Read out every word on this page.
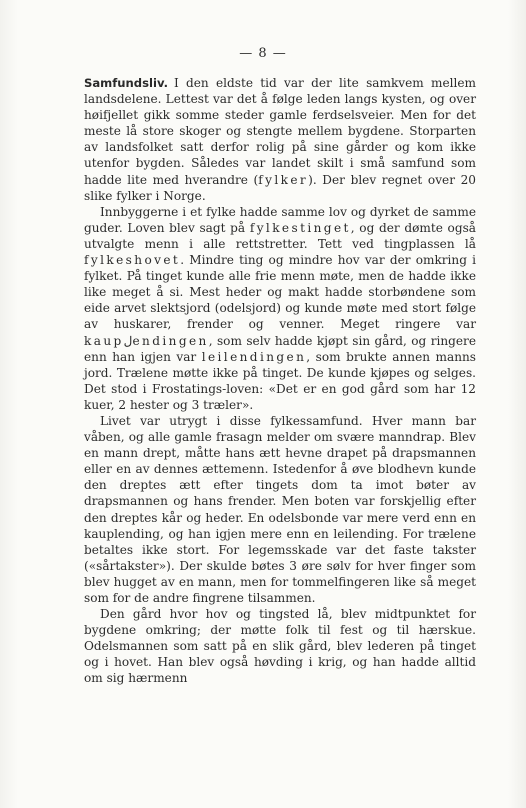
— 8 —

Samfundsliv. I den eldste tid var der lite samkvem mellem landsdelene. Lettest var det å følge leden langs kysten, og over høifjellet gikk somme steder gamle ferdselsveier. Men for det meste lå store skoger og stengte mellem bygdene. Storparten av landsfolket satt derfor rolig på sine gårder og kom ikke utenfor bygden. Således var landet skilt i små samfund som hadde lite med hverandre (fylker). Der blev regnet over 20 slike fylker i Norge.

Innbyggerne i et fylke hadde samme lov og dyrket de samme guder. Loven blev sagt på fylkestinget, og der dømte også utvalgte menn i alle rettstretter. Tett ved tingplassen lå fylkeshovet. Mindre ting og mindre hov var der omkring i fylket. På tinget kunde alle frie menn møte, men de hadde ikke like meget å si. Mest heder og makt hadde storbøndene som eide arvet slektsjord (odelsjord) og kunde møte med stort følge av huskarer, frender og venner. Meget ringere var kaupلendingen, som selv hadde kjøpt sin gård, og ringere enn han igjen var leilendingen, som brukte annen manns jord. Trælene møtte ikke på tinget. De kunde kjøpes og selges. Det stod i Frostatings-loven: «Det er en god gård som har 12 kuer, 2 hester og 3 træler».

Livet var utrygt i disse fylkessamfund. Hver mann bar våben, og alle gamle frasagn melder om svære manndrap. Blev en mann drept, måtte hans ætt hevne drapet på drapsmannen eller en av dennes ættemenn. Istedenfor å øve blodhevn kunde den dreptes ætt efter tingets dom ta imot bøter av drapsmannen og hans frender. Men boten var forskjellig efter den dreptes kår og heder. En odelsbonde var mere verd enn en kauplending, og han igjen mere enn en leilending. For trælene betaltes ikke stort. For legemsskade var det faste takster («sårtakster»). Der skulde bøtes 3 øre sølv for hver finger som blev hugget av en mann, men for tommelfingeren like så meget som for de andre fingrene tilsammen.

Den gård hvor hov og tingsted lå, blev midtpunktet for bygdene omkring; der møtte folk til fest og til hærskue. Odelsmannen som satt på en slik gård, blev lederen på tinget og i hovet. Han blev også høvding i krig, og han hadde alltid om sig hærmenn
